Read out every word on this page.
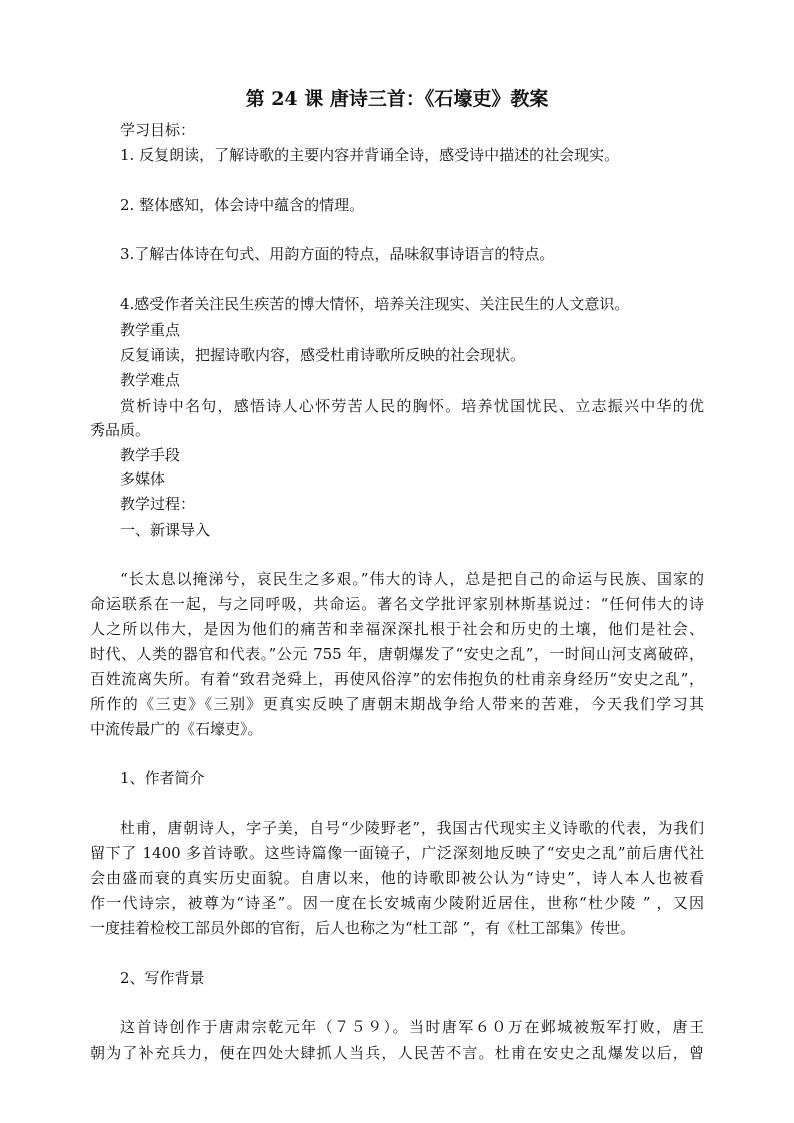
第 24 课 唐诗三首：《石壕吏》教案
学习目标：
1. 反复朗读，了解诗歌的主要内容并背诵全诗，感受诗中描述的社会现实。
2. 整体感知，体会诗中蕴含的情理。
3.了解古体诗在句式、用韵方面的特点，品味叙事诗语言的特点。
4.感受作者关注民生疾苦的博大情怀，培养关注现实、关注民生的人文意识。
教学重点
反复诵读，把握诗歌内容，感受杜甫诗歌所反映的社会现状。
教学难点
赏析诗中名句，感悟诗人心怀劳苦人民的胸怀。培养忧国忧民、立志振兴中华的优
秀品质。
教学手段
多媒体
教学过程：
一、新课导入
“长太息以掩涕兮，哀民生之多艰。”伟大的诗人，总是把自己的命运与民族、国家的
命运联系在一起，与之同呼吸，共命运。著名文学批评家别林斯基说过：“任何伟大的诗
人之所以伟大，是因为他们的痛苦和幸福深深扎根于社会和历史的土壤，他们是社会、
时代、人类的器官和代表。”公元 755 年，唐朝爆发了“安史之乱”，一时间山河支离破碎，
百姓流离失所。有着“致君尧舜上，再使风俗淳”的宏伟抱负的杜甫亲身经历“安史之乱”，
所作的《三吏》《三别》更真实反映了唐朝末期战争给人带来的苦难，今天我们学习其
中流传最广的《石壕吏》。
1、作者简介
杜甫，唐朝诗人，字子美，自号“少陵野老”，我国古代现实主义诗歌的代表，为我们
留下了 1400 多首诗歌。这些诗篇像一面镜子，广泛深刻地反映了“安史之乱”前后唐代社
会由盛而衰的真实历史面貌。自唐以来，他的诗歌即被公认为“诗史”，诗人本人也被看
作一代诗宗，被尊为“诗圣”。因一度在长安城南少陵附近居住，世称“杜少陵 ” ，又因
一度挂着检校工部员外郎的官衔，后人也称之为“杜工部 ”，有《杜工部集》传世。
2、写作背景
这首诗创作于唐肃宗乾元年（７５９）。当时唐军６０万在邺城被叛军打败，唐王
朝为了补充兵力，便在四处大肆抓人当兵，人民苦不言。杜甫在安史之乱爆发以后，曾
